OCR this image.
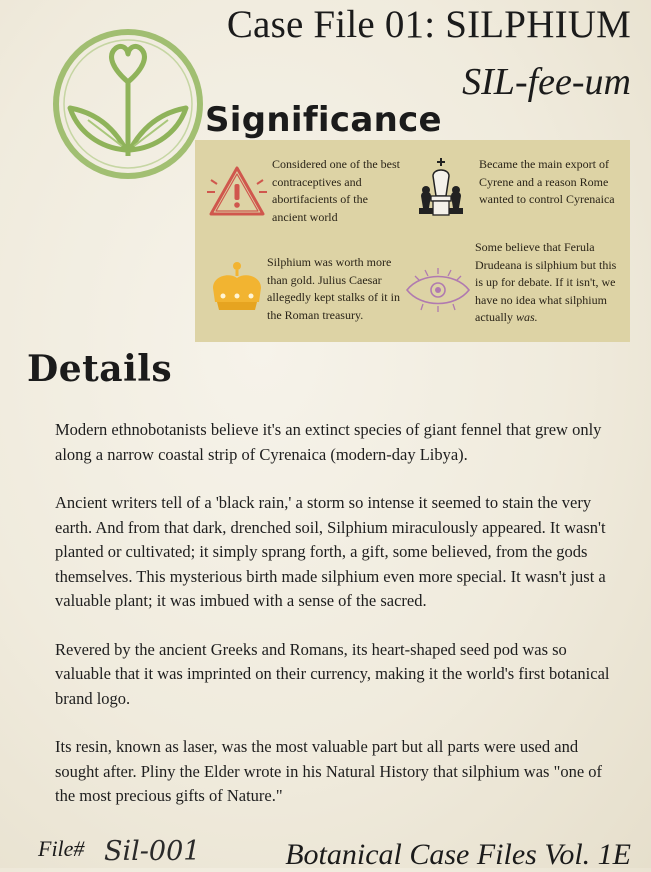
Case File 01: SILPHIUM
SIL-fee-um
Significance
Considered one of the best contraceptives and abortifacients of the ancient world
Became the main export of Cyrene and a reason Rome wanted to control Cyrenaica
Silphium was worth more than gold. Julius Caesar allegedly kept stalks of it in the Roman treasury.
Some believe that Ferula Drudeana is silphium but this is up for debate. If it isn't, we have no idea what silphium actually was.
Details

Modern ethnobotanists believe it's an extinct species of giant fennel that grew only along a narrow coastal strip of Cyrenaica (modern-day Libya).

Ancient writers tell of a 'black rain,' a storm so intense it seemed to stain the very earth. And from that dark, drenched soil, Silphium miraculously appeared. It wasn't planted or cultivated; it simply sprang forth, a gift, some believed, from the gods themselves. This mysterious birth made silphium even more special. It wasn't just a valuable plant; it was imbued with a sense of the sacred.

Revered by the ancient Greeks and Romans, its heart-shaped seed pod was so valuable that it was imprinted on their currency, making it the world's first botanical brand logo.

Its resin, known as laser, was the most valuable part but all parts were used and sought after. Pliny the Elder wrote in his Natural History that silphium was "one of the most precious gifts of Nature."

File# Sil-001	Botanical Case Files Vol. 1E
